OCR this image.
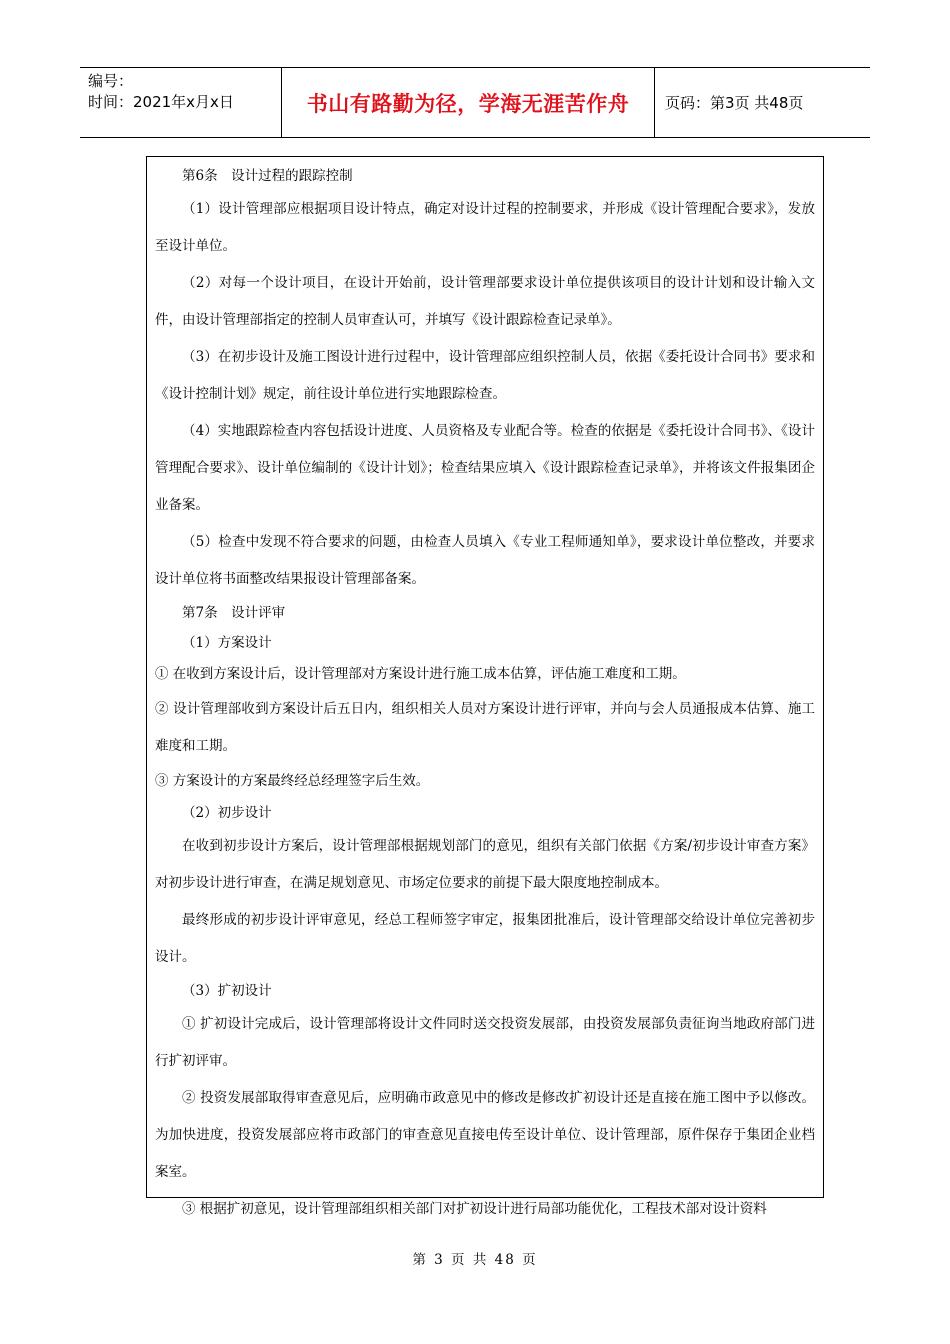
编号：
时间：2021年x月x日	书山有路勤为径，学海无涯苦作舟 页码：第3页 共48页

第6条　设计过程的跟踪控制

（1）设计管理部应根据项目设计特点，确定对设计过程的控制要求，并形成《设计管理配合要求》，发放至设计单位。

（2）对每一个设计项目，在设计开始前，设计管理部要求设计单位提供该项目的设计计划和设计输入文件，由设计管理部指定的控制人员审查认可，并填写《设计跟踪检查记录单》。

（3）在初步设计及施工图设计进行过程中，设计管理部应组织控制人员，依据《委托设计合同书》要求和《设计控制计划》规定，前往设计单位进行实地跟踪检查。

（4）实地跟踪检查内容包括设计进度、人员资格及专业配合等。检查的依据是《委托设计合同书》、《设计管理配合要求》、设计单位编制的《设计计划》；检查结果应填入《设计跟踪检查记录单》，并将该文件报集团企业备案。

（5）检查中发现不符合要求的问题，由检查人员填入《专业工程师通知单》，要求设计单位整改，并要求设计单位将书面整改结果报设计管理部备案。

第7条　设计评审

（1）方案设计

① 在收到方案设计后，设计管理部对方案设计进行施工成本估算，评估施工难度和工期。

② 设计管理部收到方案设计后五日内，组织相关人员对方案设计进行评审，并向与会人员通报成本估算、施工难度和工期。

③ 方案设计的方案最终经总经理签字后生效。

（2）初步设计

在收到初步设计方案后，设计管理部根据规划部门的意见，组织有关部门依据《方案/初步设计审查方案》对初步设计进行审查，在满足规划意见、市场定位要求的前提下最大限度地控制成本。

最终形成的初步设计评审意见，经总工程师签字审定，报集团批准后，设计管理部交给设计单位完善初步设计。

（3）扩初设计

① 扩初设计完成后，设计管理部将设计文件同时送交投资发展部，由投资发展部负责征询当地政府部门进行扩初评审。

② 投资发展部取得审查意见后，应明确市政意见中的修改是修改扩初设计还是直接在施工图中予以修改。为加快进度，投资发展部应将市政部门的审查意见直接电传至设计单位、设计管理部，原件保存于集团企业档案室。

③ 根据扩初意见，设计管理部组织相关部门对扩初设计进行局部功能优化，工程技术部对设计资料

第 3 页 共 48 页
